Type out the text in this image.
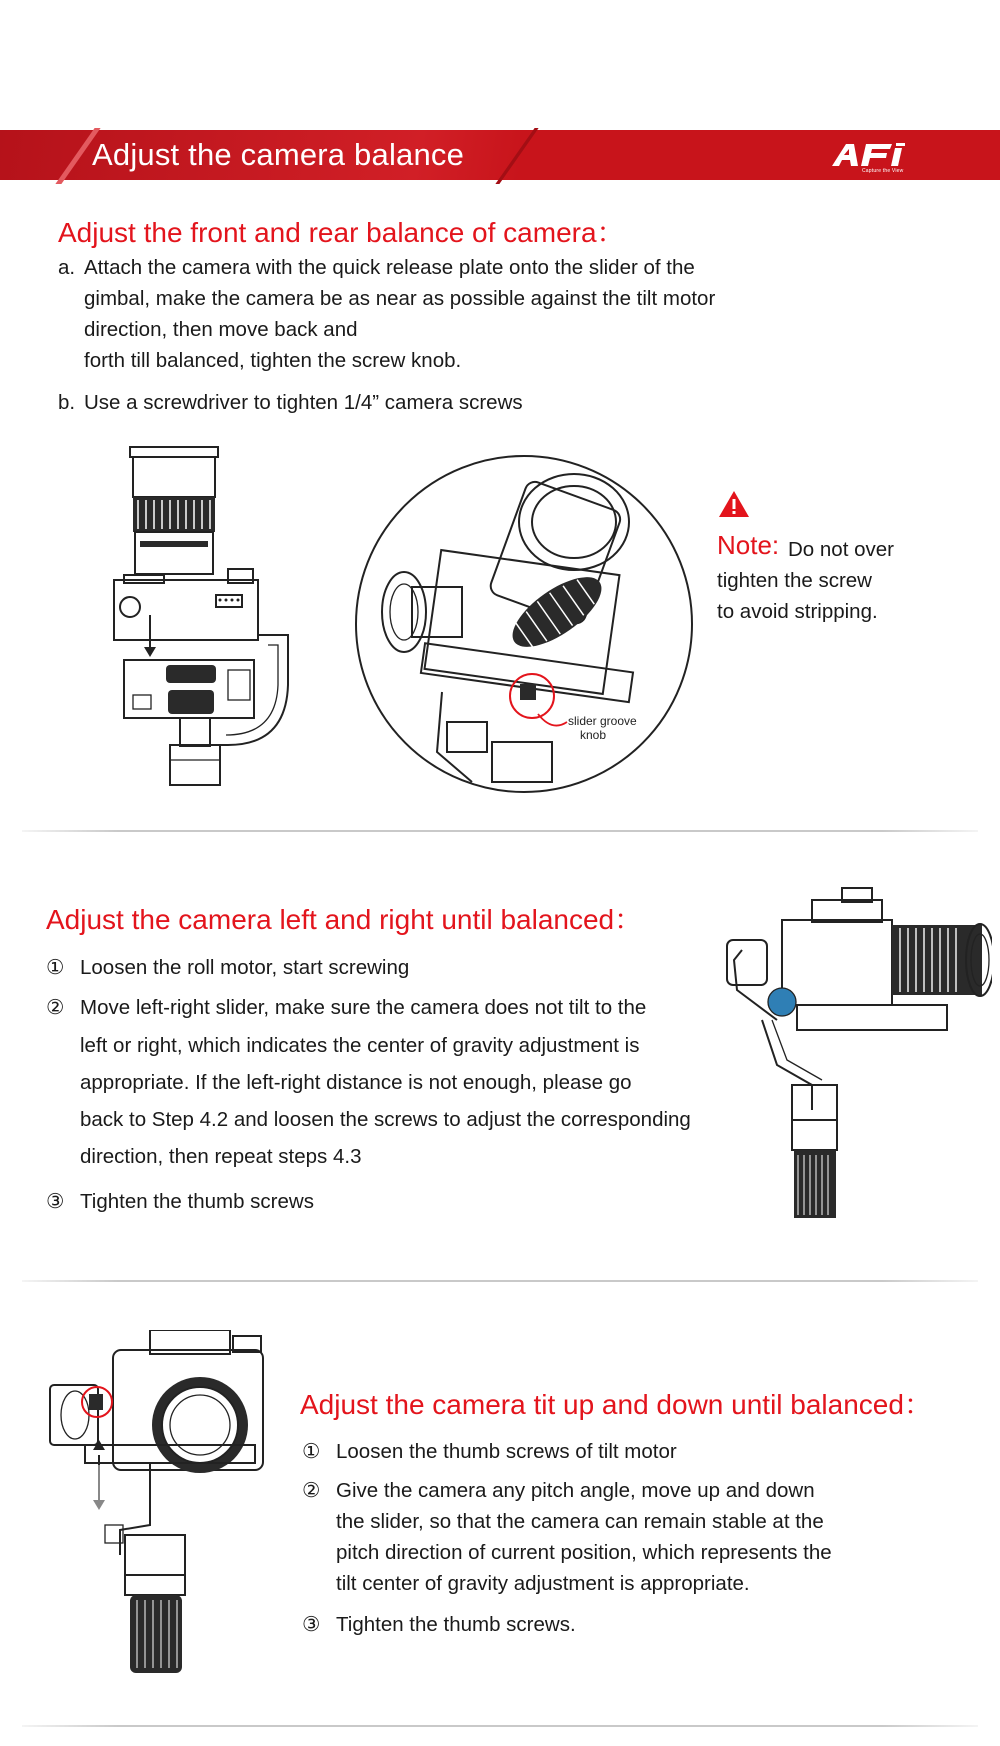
Adjust the camera balance	Capture the View
Adjust the front and rear balance of camera：
a. Attach the camera with the quick release plate onto the slider of the
gimbal, make the camera be as near as possible against the tilt motor
direction, then move back and
forth till balanced, tighten the screw knob.
b. Use a screwdriver to tighten 1/4” camera screws
slider groove
knob
Note: Do not over
tighten the screw
to avoid stripping.
Adjust the camera left and right until balanced：
① Loosen the roll motor, start screwing
② Move left-right slider, make sure the camera does not tilt to the
left or right, which indicates the center of gravity adjustment is
appropriate. If the left-right distance is not enough, please go
back to Step 4.2 and loosen the screws to adjust the corresponding
direction, then repeat steps 4.3
③ Tighten the thumb screws
Adjust the camera tit up and down until balanced：
① Loosen the thumb screws of tilt motor
② Give the camera any pitch angle, move up and down
the slider, so that the camera can remain stable at the
pitch direction of current position, which represents the
tilt center of gravity adjustment is appropriate.
③ Tighten the thumb screws.
